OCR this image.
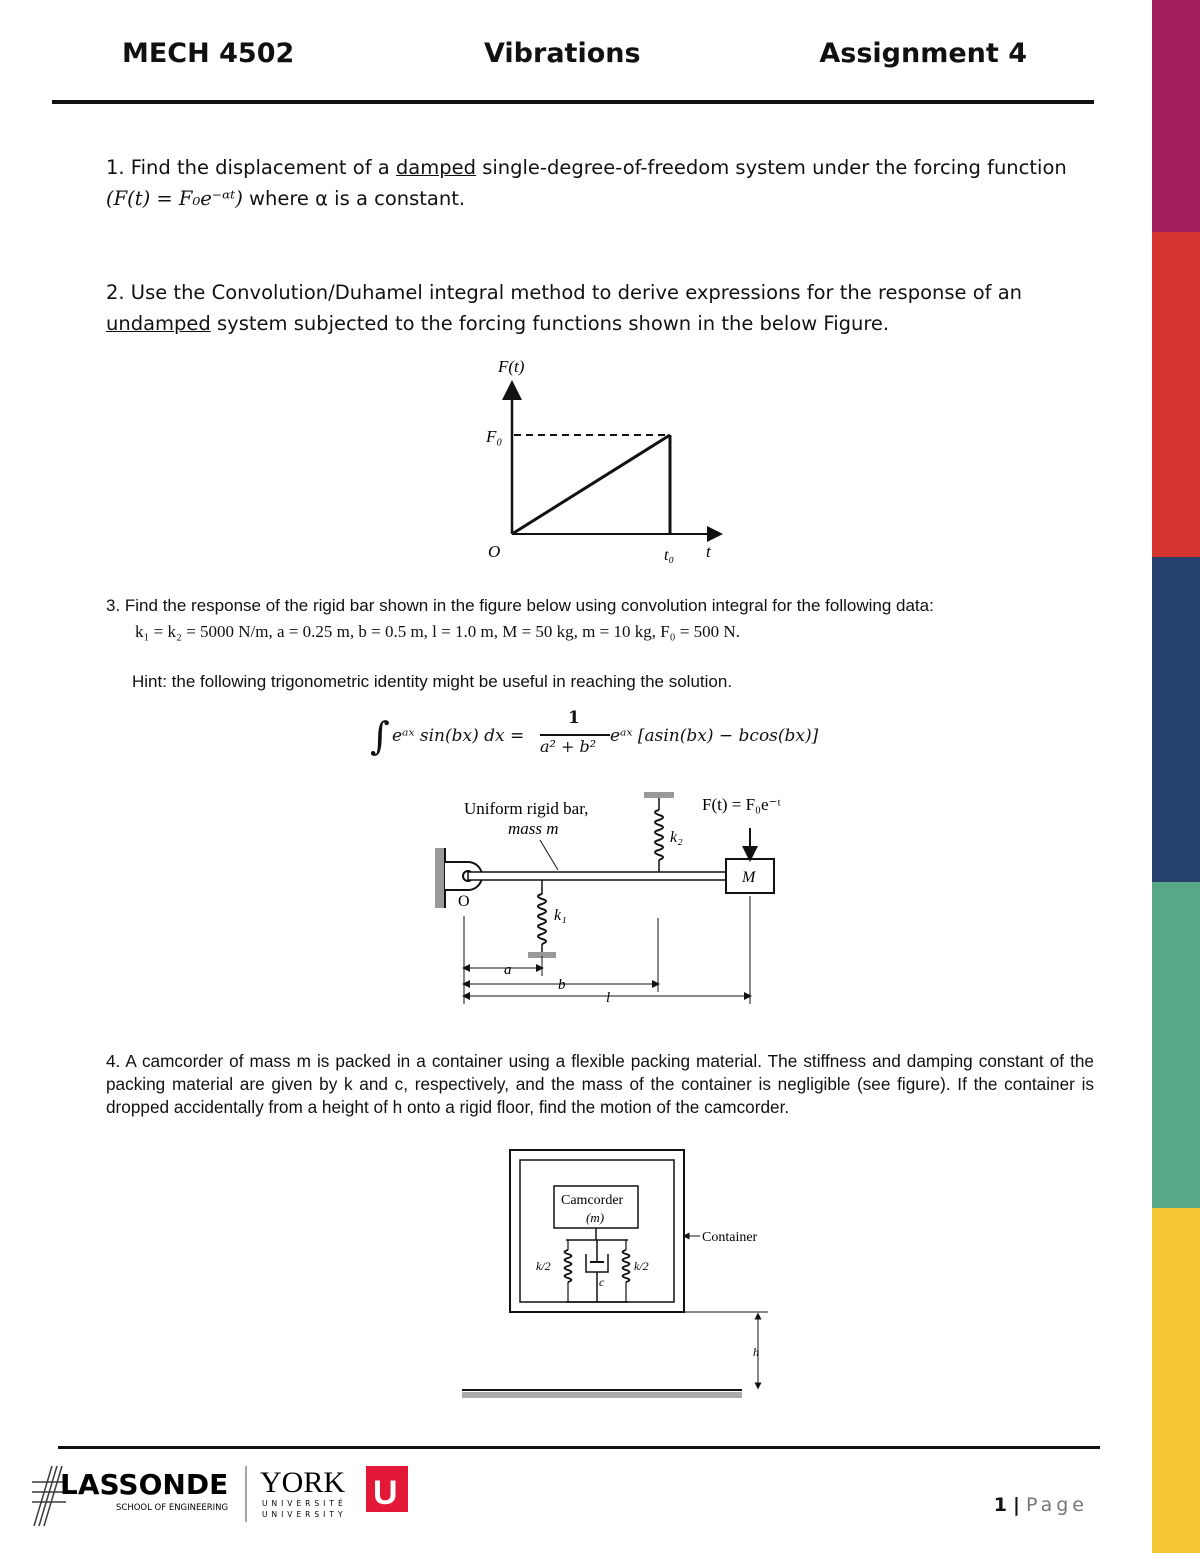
MECH 4502	Vibrations	Assignment 4
1. Find the displacement of a damped single-degree-of-freedom system under the forcing function
(F(t) = F₀e⁻ᵅᵗ) where α is a constant.
2. Use the Convolution/Duhamel integral method to derive expressions for the response of an
undamped system subjected to the forcing functions shown in the below Figure.
F(t)
F₀
O	t₀ t
3. Find the response of the rigid bar shown in the figure below using convolution integral for the following data:
k₁ = k₂ = 5000 N/m, a = 0.25 m, b = 0.5 m, l = 1.0 m, M = 50 kg, m = 10 kg, F₀ = 500 N.
Hint: the following trigonometric identity might be useful in reaching the solution.
∫ eᵃˣ sin(bx) dx =
1
a² + b²
eᵃˣ [asin(bx) − bcos(bx)]
M
F(t) = F₀e⁻ᵗ
k₂
k₁
Uniform rigid bar,
mass m
O
a
b
l
4. A camcorder of mass m is packed in a container using a flexible packing material. The stiffness and damping constant of the packing material are given by k and c, respectively, and the mass of the container is negligible (see figure). If the container is dropped accidentally from a height of h onto a rigid floor, find the motion of the camcorder.
Camcorder
(m)
k/2	k/2
c
Container
h
LASSONDE
SCHOOL OF ENGINEERING
YORK U
UNIVERSITÉ
UNIVERSITY	1 | Page
